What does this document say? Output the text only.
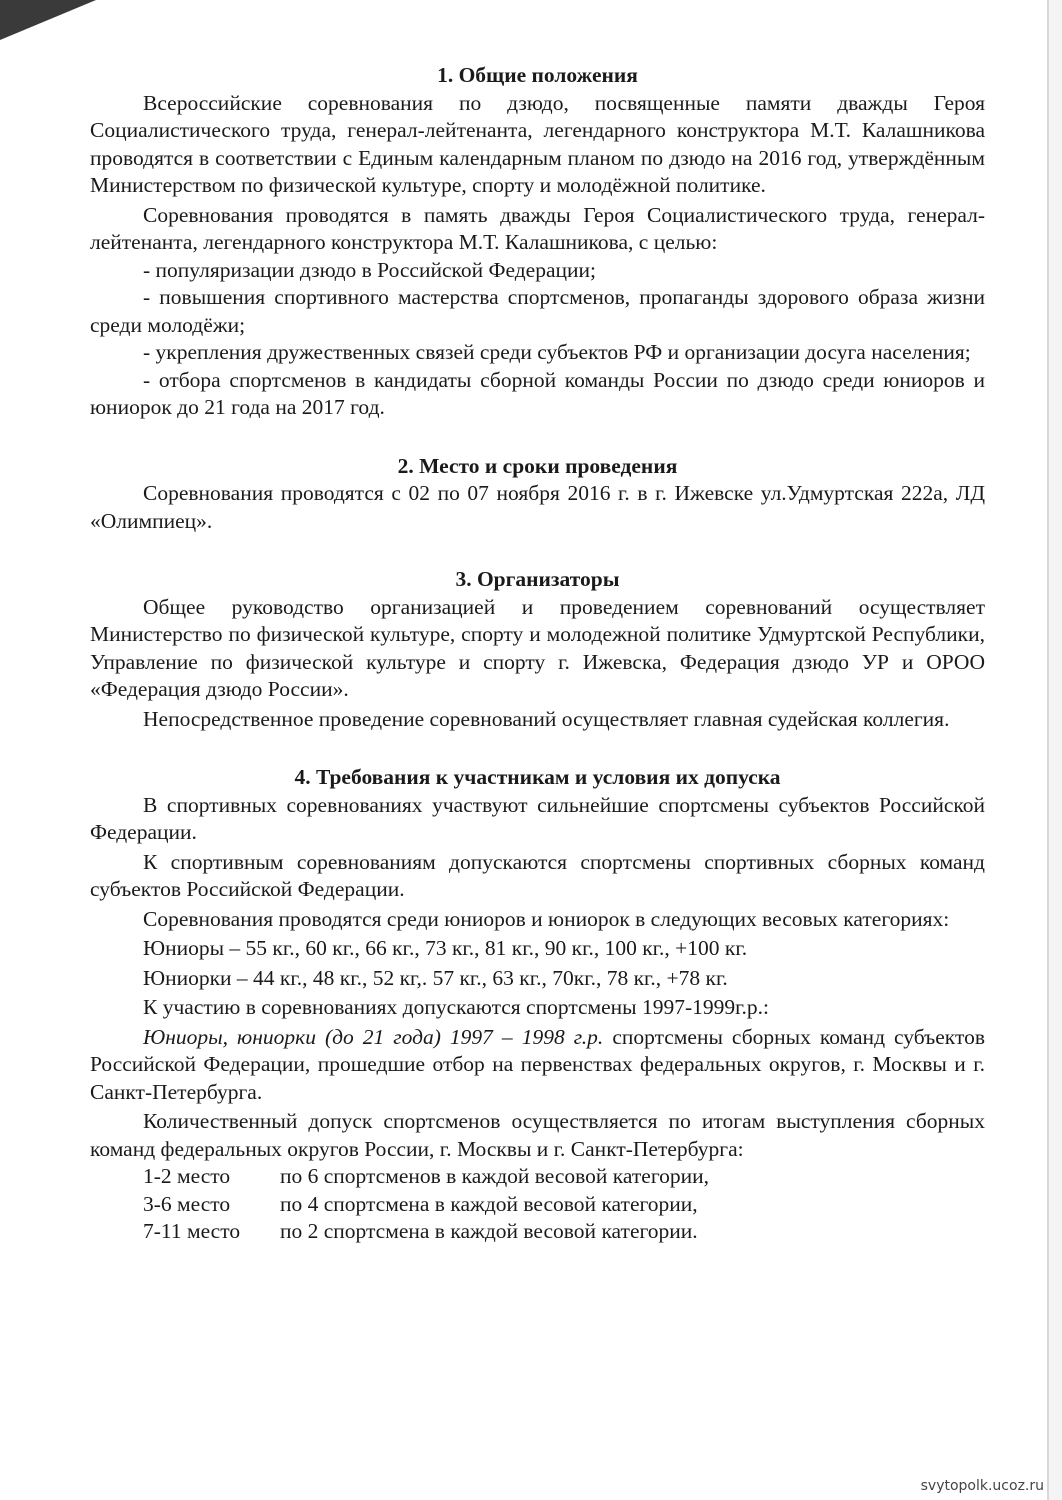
1. Общие положения

Всероссийские соревнования по дзюдо, посвященные памяти дважды Героя Социалистического труда, генерал-лейтенанта, легендарного конструктора М.Т. Калашникова проводятся в соответствии с Единым календарным планом по дзюдо на 2016 год, утверждённым Министерством по физической культуре, спорту и молодёжной политике.

Соревнования проводятся в память дважды Героя Социалистического труда, генерал-лейтенанта, легендарного конструктора М.Т. Калашникова, с целью:

- популяризации дзюдо в Российской Федерации;

- повышения спортивного мастерства спортсменов, пропаганды здорового образа жизни среди молодёжи;

- укрепления дружественных связей среди субъектов РФ и организации досуга населения;

- отбора спортсменов в кандидаты сборной команды России по дзюдо среди юниоров и юниорок до 21 года на 2017 год.

2. Место и сроки проведения

Соревнования проводятся с 02 по 07 ноября 2016 г. в г. Ижевске ул.Удмуртская 222а, ЛД «Олимпиец».

3. Организаторы

Общее руководство организацией и проведением соревнований осуществляет Министерство по физической культуре, спорту и молодежной политике Удмуртской Республики, Управление по физической культуре и спорту г. Ижевска, Федерация дзюдо УР и ОРОО «Федерация дзюдо России».

Непосредственное проведение соревнований осуществляет главная судейская коллегия.

4. Требования к участникам и условия их допуска

В спортивных соревнованиях участвуют сильнейшие спортсмены субъектов Российской Федерации.

К спортивным соревнованиям допускаются спортсмены спортивных сборных команд субъектов Российской Федерации.

Соревнования проводятся среди юниоров и юниорок в следующих весовых категориях:

Юниоры – 55 кг., 60 кг., 66 кг., 73 кг., 81 кг., 90 кг., 100 кг., +100 кг.

Юниорки – 44 кг., 48 кг., 52 кг,. 57 кг., 63 кг., 70кг., 78 кг., +78 кг.

К участию в соревнованиях допускаются спортсмены 1997-1999г.р.:

Юниоры, юниорки (до 21 года) 1997 – 1998 г.р. спортсмены сборных команд субъектов Российской Федерации, прошедшие отбор на первенствах федеральных округов, г. Москвы и г. Санкт-Петербурга.

Количественный допуск спортсменов осуществляется по итогам выступления сборных команд федеральных округов России, г. Москвы и г. Санкт-Петербурга:

1-2 место	по 6 спортсменов в каждой весовой категории,
3-6 место	по 4 спортсмена в каждой весовой категории,
7-11 место	по 2 спортсмена в каждой весовой категории.
svytopolk.ucoz.ru
